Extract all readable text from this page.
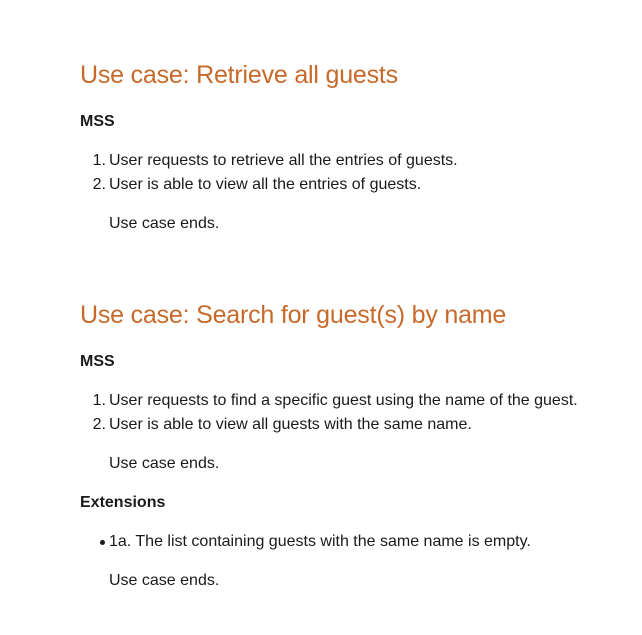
Use case: Retrieve all guests
MSS
1. User requests to retrieve all the entries of guests.
2. User is able to view all the entries of guests.
Use case ends.
Use case: Search for guest(s) by name
MSS
1. User requests to find a specific guest using the name of the guest.
2. User is able to view all guests with the same name.
Use case ends.
Extensions
1a. The list containing guests with the same name is empty.
Use case ends.
